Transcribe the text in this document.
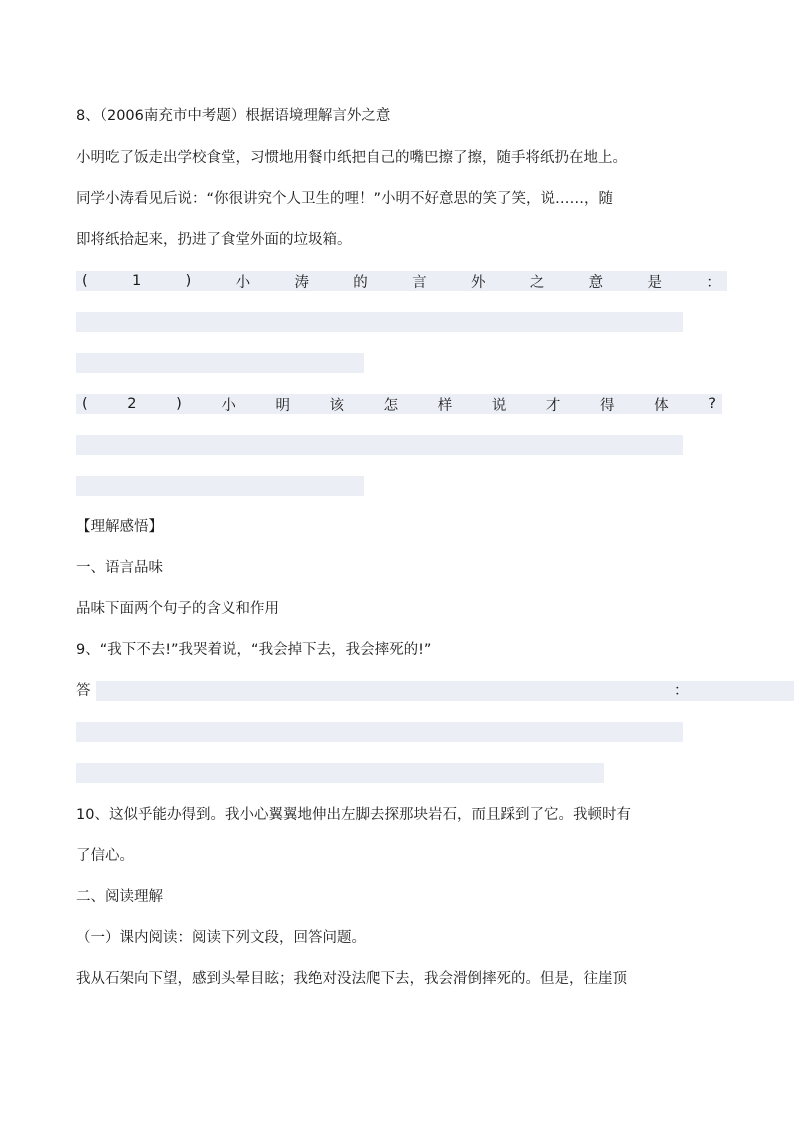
8、（2006南充市中考题）根据语境理解言外之意
小明吃了饭走出学校食堂，习惯地用餐巾纸把自己的嘴巴擦了擦，随手将纸扔在地上。
同学小涛看见后说：“你很讲究个人卫生的哩！”小明不好意思的笑了笑，说……，随
即将纸拾起来，扔进了食堂外面的垃圾箱。
(	1	)	小	涛	的	言	外	之	意	是	：
(	2	)	小	明	该	怎	样	说	才	得	体	?
【理解感悟】
一、语言品味
品味下面两个句子的含义和作用
9、“我下不去!”我哭着说，“我会掉下去，我会摔死的!”
答	：
10、这似乎能办得到。我小心翼翼地伸出左脚去探那块岩石，而且踩到了它。我顿时有
了信心。
二、阅读理解
（一）课内阅读：阅读下列文段，回答问题。
我从石架向下望，感到头晕目眩；我绝对没法爬下去，我会滑倒摔死的。但是，往崖顶
